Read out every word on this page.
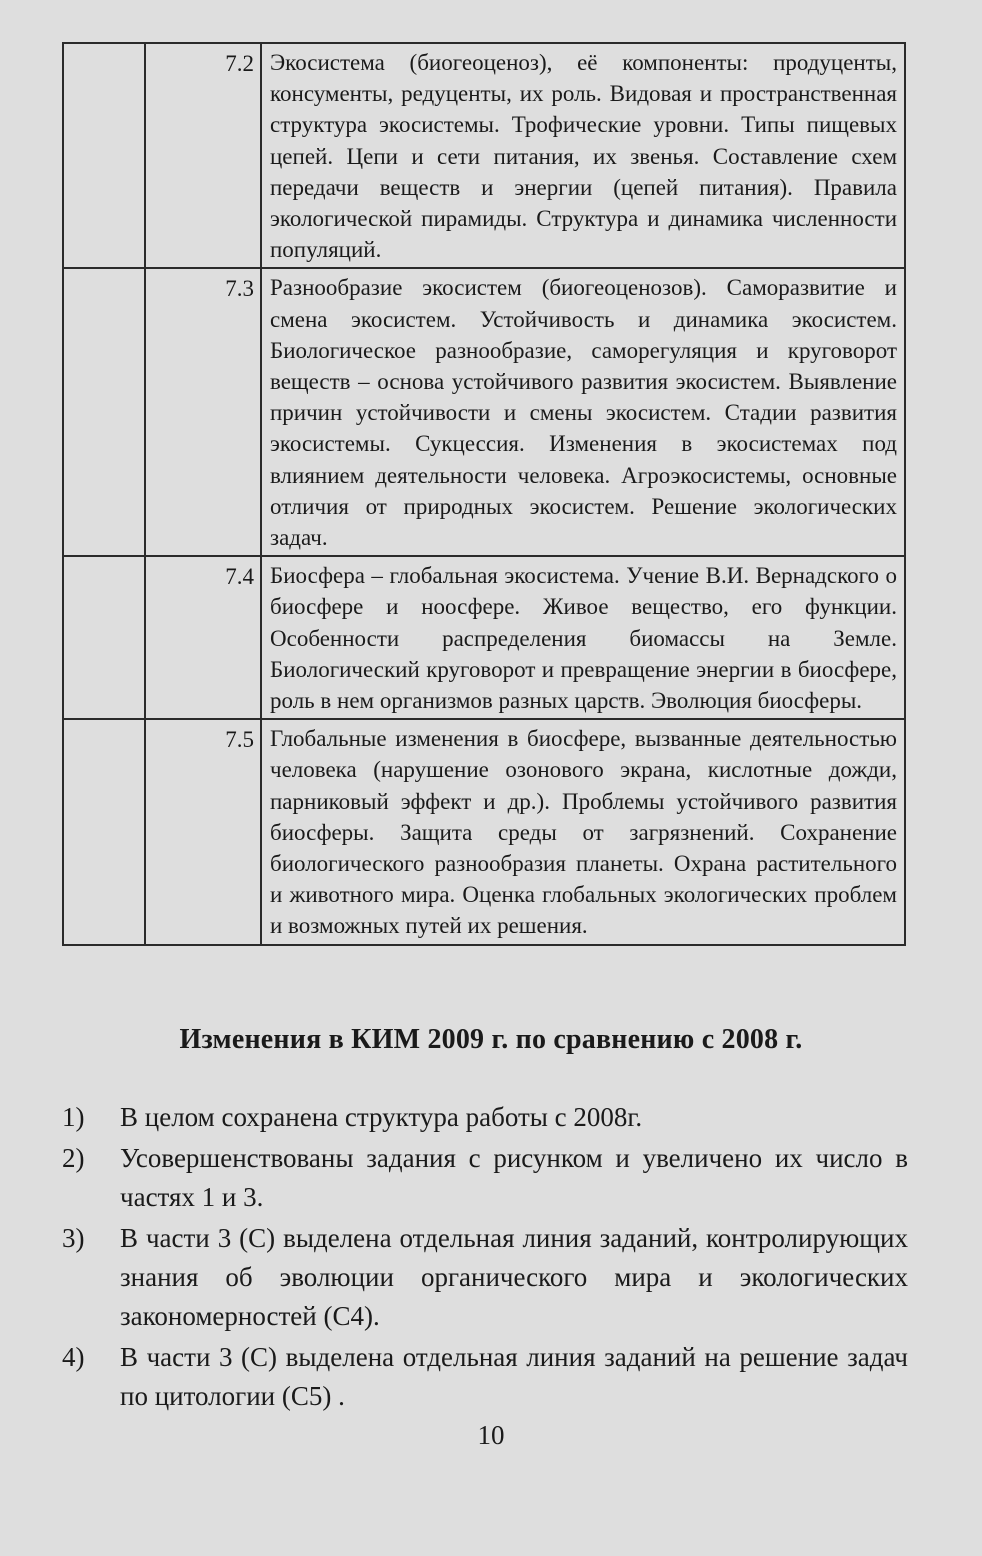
	7.2	Экосистема (биогеоценоз), её компоненты: продуценты, консументы, редуценты, их роль. Видовая и пространственная структура экосистемы. Трофические уровни. Типы пищевых цепей. Цепи и сети питания, их звенья. Составление схем передачи веществ и энергии (цепей питания). Правила экологической пирамиды. Структура и динамика численности популяций.
	7.3	Разнообразие экосистем (биогеоценозов). Саморазвитие и смена экосистем. Устойчивость и динамика экосистем. Биологическое разнообразие, саморегуляция и круговорот веществ – основа устойчивого развития экосистем. Выявление причин устойчивости и смены экосистем. Стадии развития экосистемы. Сукцессия. Изменения в экосистемах под влиянием деятельности человека. Агроэкосистемы, основные отличия от природных экосистем. Решение экологических задач.
	7.4	Биосфера – глобальная экосистема. Учение В.И. Вернадского о биосфере и ноосфере. Живое вещество, его функции. Особенности распределения биомассы на Земле. Биологический круговорот и превращение энергии в биосфере, роль в нем организмов разных царств. Эволюция биосферы.
	7.5	Глобальные изменения в биосфере, вызванные деятельностью человека (нарушение озонового экрана, кислотные дожди, парниковый эффект и др.). Проблемы устойчивого развития биосферы. Защита среды от загрязнений. Сохранение биологического разнообразия планеты. Охрана растительного и животного мира. Оценка глобальных экологических проблем и возможных путей их решения.
Изменения в КИМ 2009 г. по сравнению с 2008 г.
1) В целом сохранена структура работы с 2008г.
2) Усовершенствованы задания с рисунком и увеличено их число в частях 1 и 3.
3) В части 3 (С) выделена отдельная линия заданий, контролирующих знания об эволюции органического мира и экологических закономерностей (С4).
4) В части 3 (С) выделена отдельная линия заданий на решение задач по цитологии (С5) .
10
